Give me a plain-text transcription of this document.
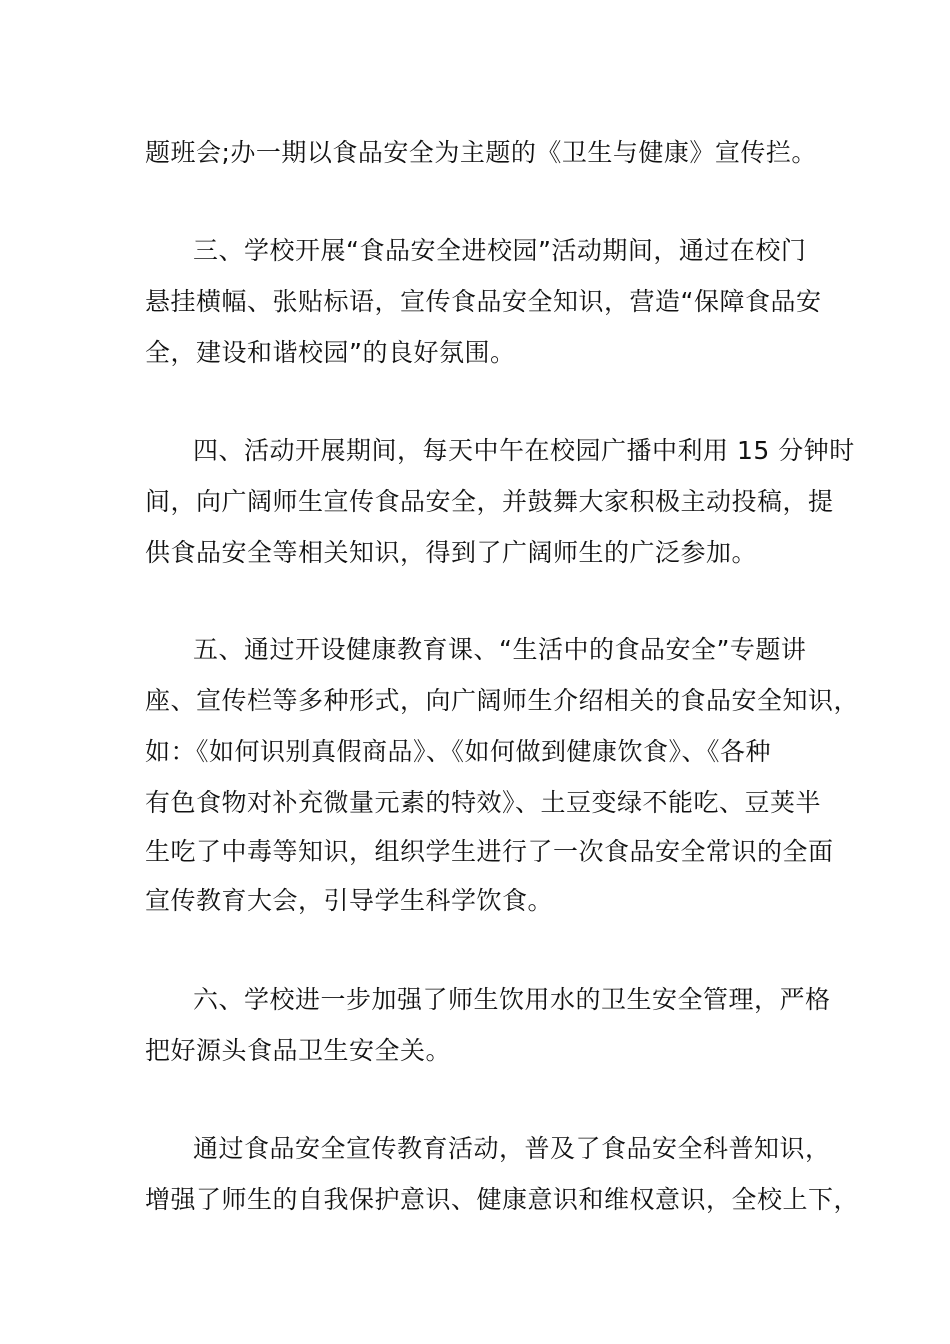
题班会;办一期以食品安全为主题的《卫生与健康》宣传拦。
三、学校开展“食品安全进校园”活动期间，通过在校门
悬挂横幅、张贴标语，宣传食品安全知识，营造“保障食品安
全，建设和谐校园”的良好氛围。
四、活动开展期间，每天中午在校园广播中利用 15 分钟时
间，向广阔师生宣传食品安全，并鼓舞大家积极主动投稿，提
供食品安全等相关知识，得到了广阔师生的广泛参加。
五、通过开设健康教育课、“生活中的食品安全”专题讲
座、宣传栏等多种形式，向广阔师生介绍相关的食品安全知识，
如：《如何识别真假商品》、《如何做到健康饮食》、《各种
有色食物对补充微量元素的特效》、土豆变绿不能吃、豆荚半
生吃了中毒等知识，组织学生进行了一次食品安全常识的全面
宣传教育大会，引导学生科学饮食。
六、学校进一步加强了师生饮用水的卫生安全管理，严格
把好源头食品卫生安全关。
通过食品安全宣传教育活动，普及了食品安全科普知识，
增强了师生的自我保护意识、健康意识和维权意识，全校上下，
